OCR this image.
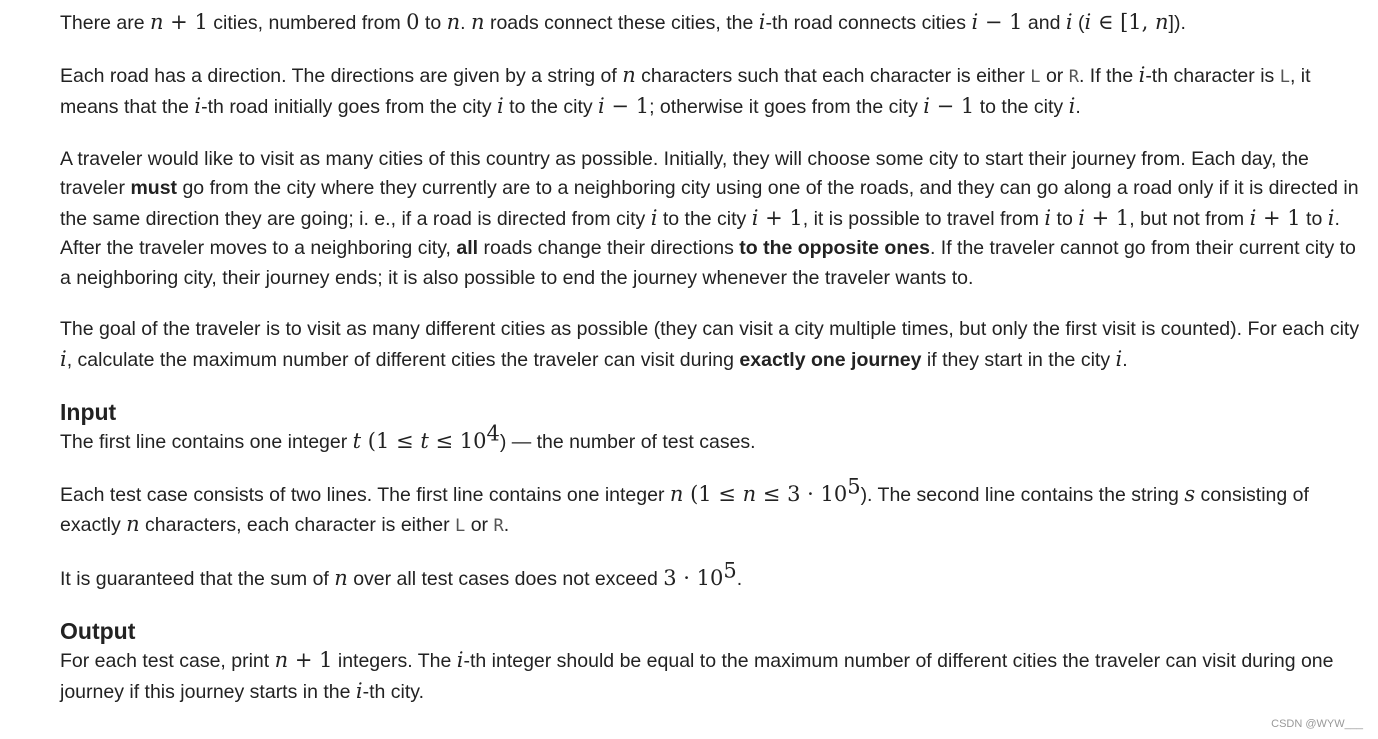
There are n + 1 cities, numbered from 0 to n. n roads connect these cities, the i-th road connects cities i − 1 and i (i ∈ [1, n]).

Each road has a direction. The directions are given by a string of n characters such that each character is either L or R. If the i-th character is L, it means that the i-th road initially goes from the city i to the city i − 1; otherwise it goes from the city i − 1 to the city i.

A traveler would like to visit as many cities of this country as possible. Initially, they will choose some city to start their journey from. Each day, the traveler must go from the city where they currently are to a neighboring city using one of the roads, and they can go along a road only if it is directed in the same direction they are going; i. e., if a road is directed from city i to the city i + 1, it is possible to travel from i to i + 1, but not from i + 1 to i. After the traveler moves to a neighboring city, all roads change their directions to the opposite ones. If the traveler cannot go from their current city to a neighboring city, their journey ends; it is also possible to end the journey whenever the traveler wants to.

The goal of the traveler is to visit as many different cities as possible (they can visit a city multiple times, but only the first visit is counted). For each city i, calculate the maximum number of different cities the traveler can visit during exactly one journey if they start in the city i.

Input

The first line contains one integer t $(1 \le t \le 10^4)$ — the number of test cases.

Each test case consists of two lines. The first line contains one integer n $(1 \le n \le 3 \cdot 10^5)$. The second line contains the string s consisting of exactly n characters, each character is either L or R.

It is guaranteed that the sum of n over all test cases does not exceed $3 \cdot 10^5$.

Output

For each test case, print n + 1 integers. The i-th integer should be equal to the maximum number of different cities the traveler can visit during one journey if this journey starts in the i-th city.

CSDN @WYW___
